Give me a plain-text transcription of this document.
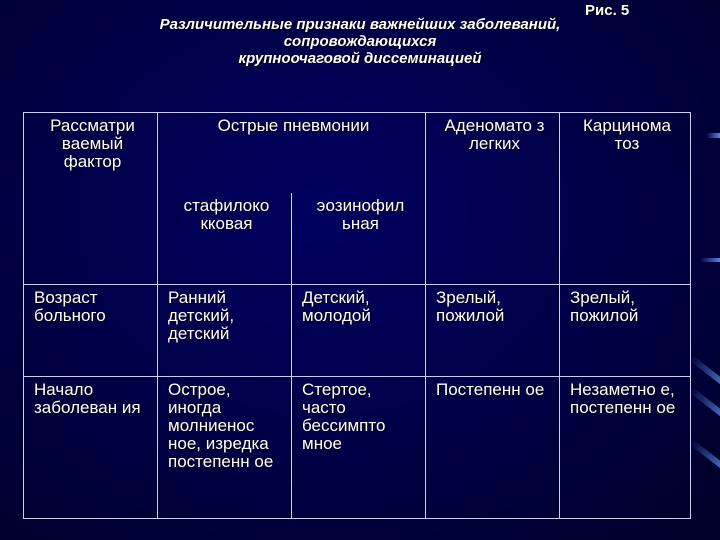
Рис. 5
Различительные признаки важнейших заболеваний,
сопровождающихся
крупноочаговой диссеминацией
Рассматри ваемый фактор	Острые пневмонии		Аденомато з легких	Карцинома тоз
	стафилоко кковая	эозинофил ьная		
Возраст больного	Ранний детский, детский	Детский, молодой	Зрелый, пожилой	Зрелый, пожилой
Начало заболеван ия	Острое, иногда молниенос ное, изредка постепенн ое	Стертое, часто бессимпто мное	Постепенн ое	Незаметно е, постепенн ое
